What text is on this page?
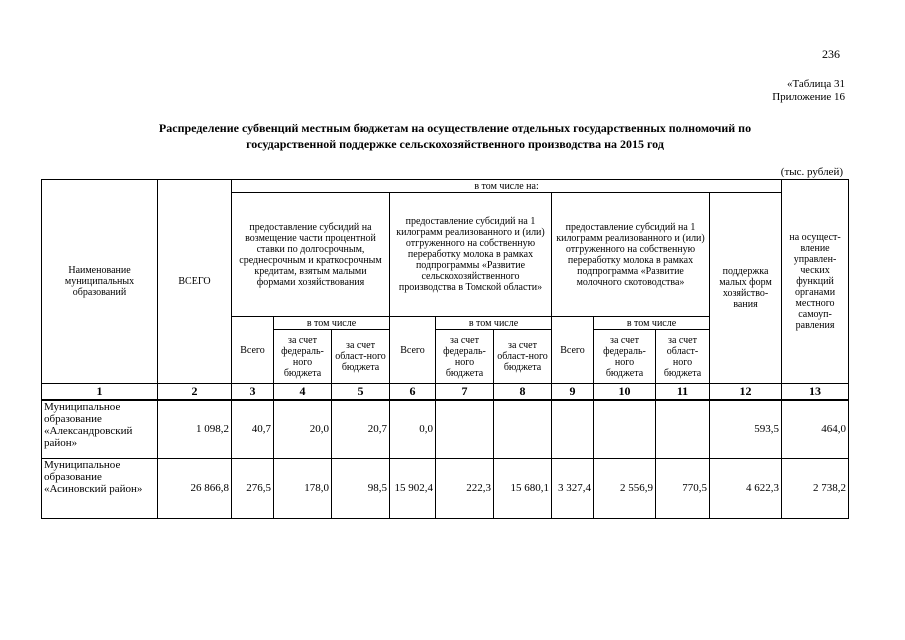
236
«Таблица 31
Приложение 16
Распределение субвенций местным бюджетам на осуществление отдельных государственных полномочий по
государственной поддержке сельскохозяйственного производства на 2015 год
(тыс. рублей)
Наименование муниципальных образований	ВСЕГО	в том числе на:										на осущест-вление управлен-ческих функций органами местного самоуп-равления
		предоставление субсидий на возмещение части процентной ставки по долгосрочным, среднесрочным и краткосрочным кредитам, взятым малыми формами хозяйствования			предоставление субсидий на 1 килограмм реализованного и (или) отгруженного на собственную переработку молока в рамках подпрограммы «Развитие сельскохозяйственного производства в Томской области»			предоставление субсидий на 1 килограмм реализованного и (или) отгруженного на собственную переработку молока в рамках подпрограмма «Развитие молочного скотоводства»			поддержка малых форм хозяйство-вания	
		Всего	в том числе		Всего	в том числе		Всего	в том числе			
			за счет федераль-ного бюджета	за счет област-ного бюджета		за счет федераль-ного бюджета	за счет област-ного бюджета		за счет федераль-ного бюджета	за счет област-ного бюджета		
1	2	3	4	5	6	7	8	9	10	11	12	13
Муниципальное образование «Александровский район»	1 098,2	40,7	20,0	20,7	0,0						593,5	464,0
Муниципальное образование «Асиновский район»	26 866,8	276,5	178,0	98,5	15 902,4	222,3	15 680,1	3 327,4	2 556,9	770,5	4 622,3	2 738,2
